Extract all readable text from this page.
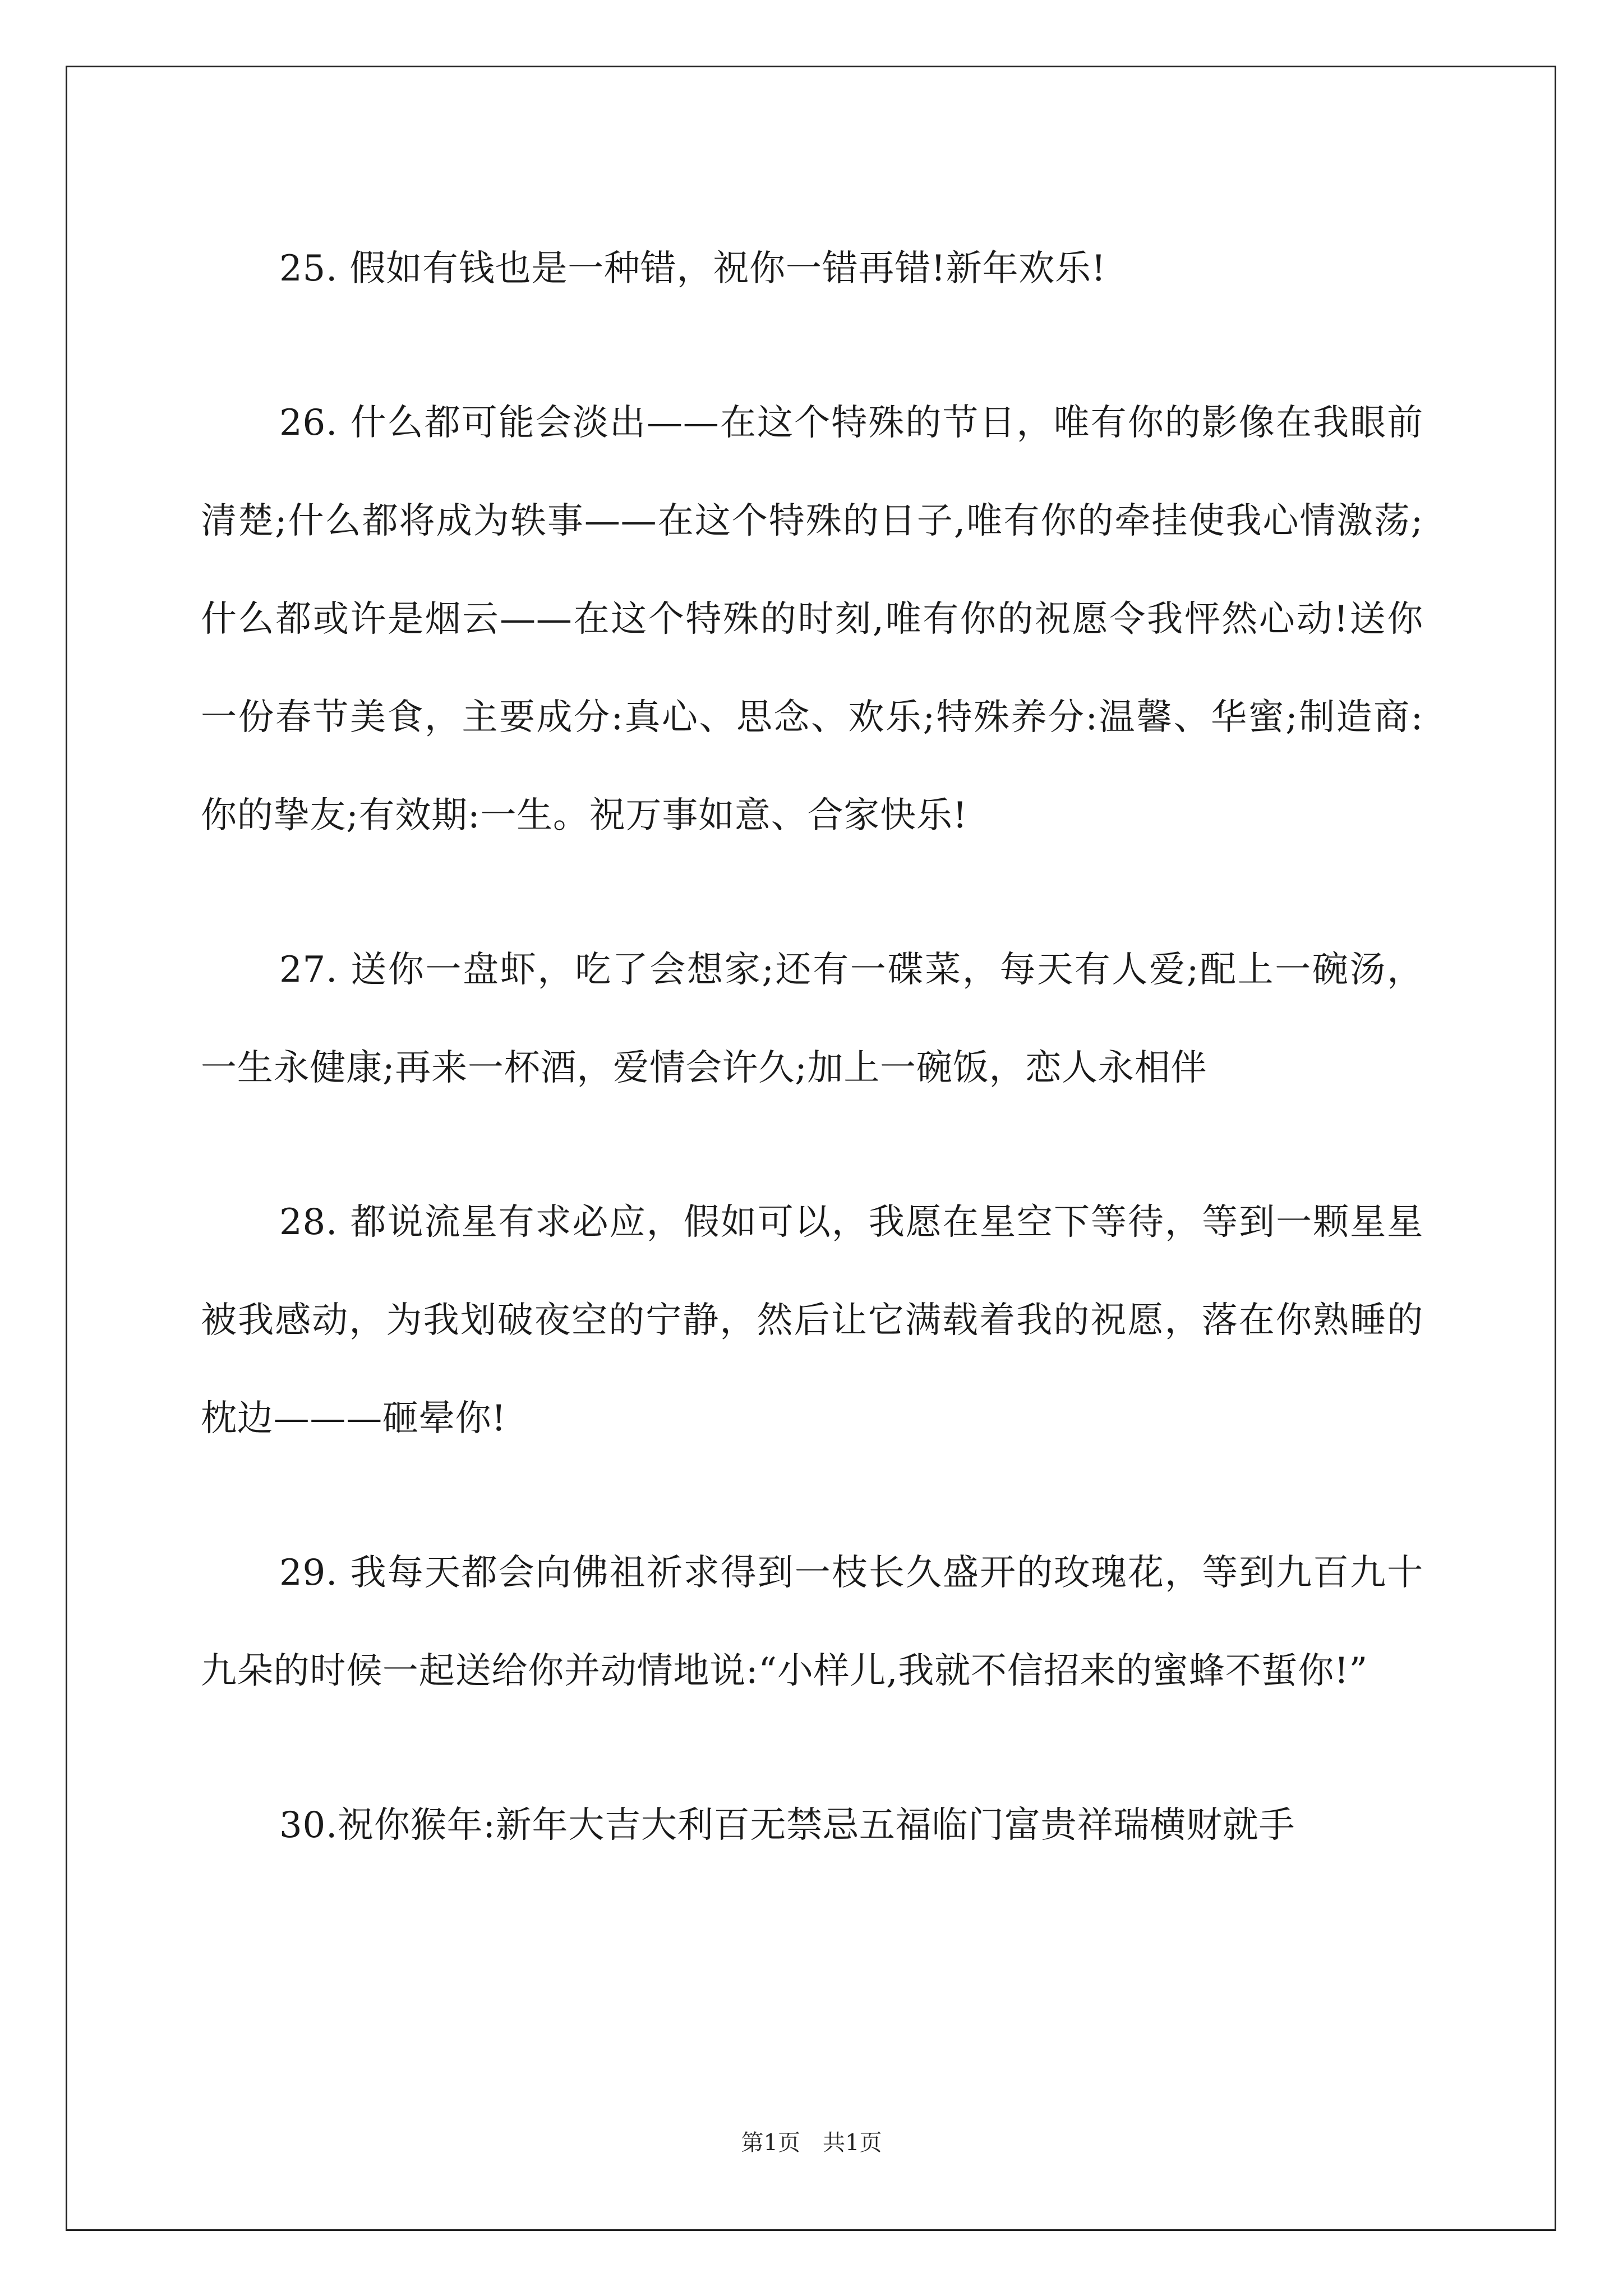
25. 假如有钱也是一种错，祝你一错再错!新年欢乐!

26. 什么都可能会淡出——在这个特殊的节日，唯有你的影像在我眼前清楚;什么都将成为轶事——在这个特殊的日子,唯有你的牵挂使我心情激荡;什么都或许是烟云——在这个特殊的时刻,唯有你的祝愿令我怦然心动!送你一份春节美食，主要成分:真心、思念、欢乐;特殊养分:温馨、华蜜;制造商:你的挚友;有效期:一生。祝万事如意、合家快乐!

27. 送你一盘虾，吃了会想家;还有一碟菜，每天有人爱;配上一碗汤，一生永健康;再来一杯酒，爱情会许久;加上一碗饭，恋人永相伴

28. 都说流星有求必应，假如可以，我愿在星空下等待，等到一颗星星被我感动，为我划破夜空的宁静，然后让它满载着我的祝愿，落在你熟睡的枕边———砸晕你!

29. 我每天都会向佛祖祈求得到一枝长久盛开的玫瑰花，等到九百九十九朵的时候一起送给你并动情地说:“小样儿,我就不信招来的蜜蜂不蜇你!”

30.祝你猴年:新年大吉大利百无禁忌五福临门富贵祥瑞横财就手

第1页　共1页
